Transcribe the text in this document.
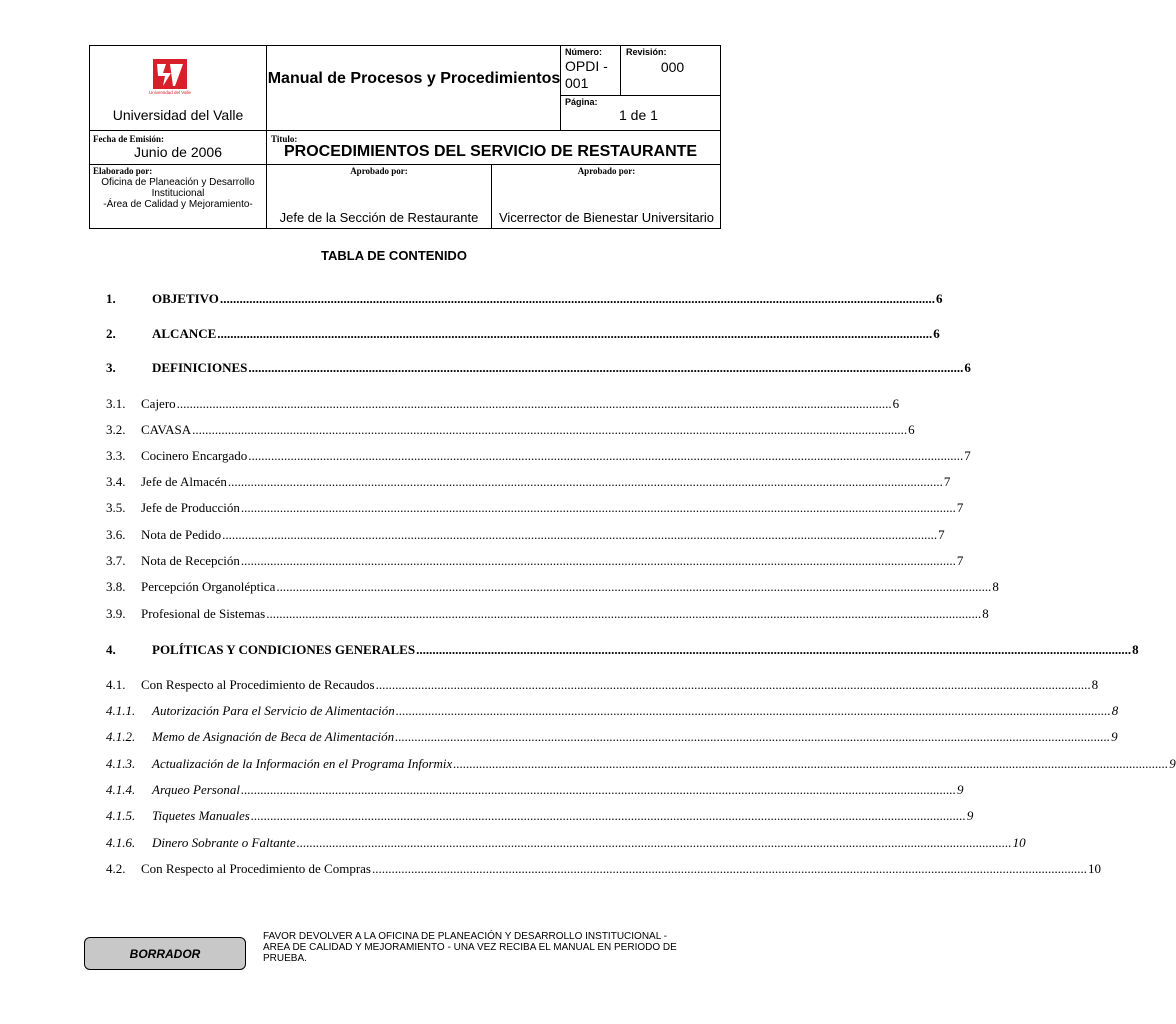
Universidad del Valle
Universidad del Valle
Manual de Procesos y Procedimientos
Número:
OPDI - 001
Revisión:
000
Página:
1 de 1
Fecha de Emisión:
Junio de 2006
Titulo:
PROCEDIMIENTOS DEL SERVICIO DE RESTAURANTE
Elaborado por:
Oficina de Planeación y Desarrollo
Institucional
-Área de Calidad y Mejoramiento-
Aprobado por:
Jefe de la Sección de Restaurante
Aprobado por:
Vicerrector de Bienestar Universitario
TABLA DE CONTENIDO
1.	OBJETIVO ............................................................................................................................................................................................................................ 6
2.	ALCANCE ............................................................................................................................................................................................................................ 6
3.	DEFINICIONES ............................................................................................................................................................................................................................ 6
3.1.	Cajero ............................................................................................................................................................................................................................ 6
3.2.	CAVASA ............................................................................................................................................................................................................................ 6
3.3.	Cocinero Encargado ............................................................................................................................................................................................................................ 7
3.4.	Jefe de Almacén ............................................................................................................................................................................................................................ 7
3.5.	Jefe de Producción ............................................................................................................................................................................................................................ 7
3.6.	Nota de Pedido ............................................................................................................................................................................................................................ 7
3.7.	Nota de Recepción ............................................................................................................................................................................................................................ 7
3.8.	Percepción Organoléptica ............................................................................................................................................................................................................................ 8
3.9.	Profesional de Sistemas ............................................................................................................................................................................................................................ 8
4.	POLÍTICAS Y CONDICIONES GENERALES ............................................................................................................................................................................................................................ 8
4.1.	Con Respecto al Procedimiento de Recaudos ............................................................................................................................................................................................................................ 8
4.1.1.	Autorización Para el Servicio de Alimentación ............................................................................................................................................................................................................................ 8
4.1.2.	Memo de Asignación de Beca de Alimentación ............................................................................................................................................................................................................................ 9
4.1.3.	Actualización de la Información en el Programa Informix ............................................................................................................................................................................................................................ 9
4.1.4.	Arqueo Personal ............................................................................................................................................................................................................................ 9
4.1.5.	Tiquetes Manuales ............................................................................................................................................................................................................................ 9
4.1.6.	Dinero Sobrante o Faltante ............................................................................................................................................................................................................................ 10
4.2.	Con Respecto al Procedimiento de Compras ............................................................................................................................................................................................................................ 10
BORRADOR
FAVOR DEVOLVER A LA OFICINA DE PLANEACIÓN Y DESARROLLO INSTITUCIONAL - AREA DE CALIDAD Y MEJORAMIENTO - UNA VEZ RECIBA EL MANUAL EN PERIODO DE PRUEBA.
